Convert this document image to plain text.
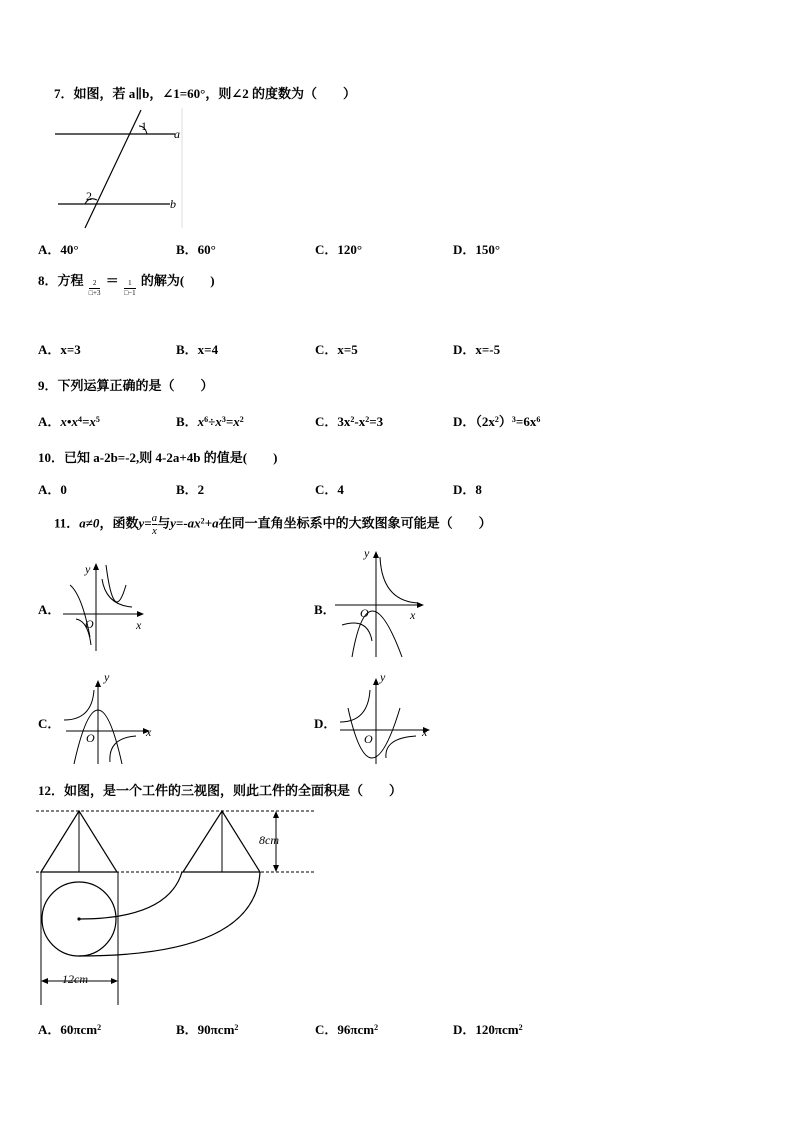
7．如图，若 a∥b，∠1=60°，则∠2 的度数为（　　）
1
2
a
b
A．40°	B．60°	C．120°	D．150°
8．方程 $\frac{2}{□+3} = \frac{1}{□-1}$ 的解为(　　)
A．x=3	B．x=4	C．x=5	D．x=-5
9．下列运算正确的是（　　）
A．$x•x^4=x^5$	B．$x^6\div x^3=x^2$	C．$3x^2-x^2=3$	D．$(2x^2)^3=6x^6$
10．已知 a-2b=-2,则 4-2a+4b 的值是(　　)
A．0	B．2	C．4	D．8
11．a≠0，函数$y= \frac{a}{x}$ 与$y=-ax^2+a$在同一直角坐标系中的大致图象可能是（　　）
A．
y
x
O
B．
y
x
O
C．
y
x
O
D．
y
x
O
12．如图，是一个工件的三视图，则此工件的全面积是（　　）
8cm
12cm
A．60πcm$^2$	B．90πcm$^2$	C．96πcm$^2$	D．120πcm$^2$
